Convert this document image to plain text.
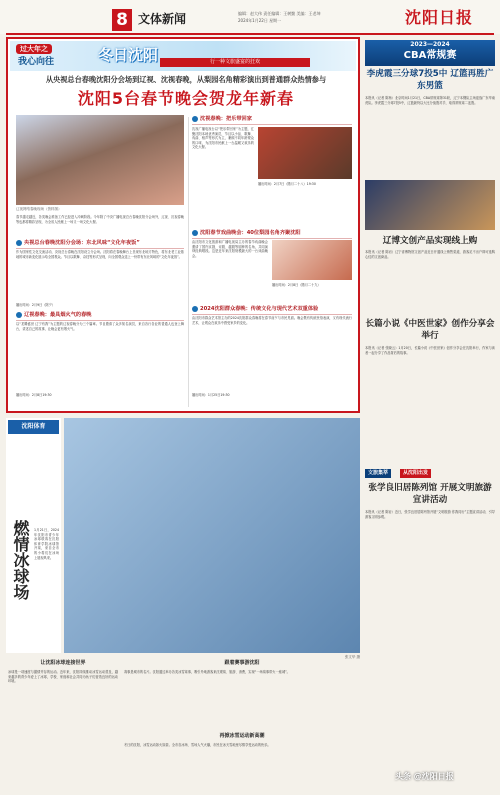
8 文体新闻	编辑：赵大伟 责任编辑：王树勤 美编：王老坤
2024年1月22日 星期一	沈阳日报
过大年之
我心向往	冬日沈阳	行一种文旅盛宴的狂欢
从央视总台春晚沈阳分会场到辽视、沈视春晚，从梨园名角精彩演出到普通群众热情参与
沈阳5台春节晚会贺龙年新春
辽视网络春晚现场（资料图）
春节越走越近，各类晚会准备工作已经进入冲刺阶段。今年除了中央广播电视总台春晚沈阳分会场外，辽视、沈视春晚等也都将精彩呈现，为全省人民献上一场又一场文化大餐。
央视总台春晚沈阳分会场：东北风味“文化年夜饭”
作为国家性文化交流活动，央视总台春晚在沈阳设立分会场。沈阳将在春晚舞台上呈现东北地方特色，将东北老工业基地的城市新变化展示给全国观众。节目以歌舞、杂技等形式呈现，向全国观众送上一份带有东北风味的“文化年夜饭”。
播出时间：2月9日（除夕）
辽视春晚：最具烟火气的春晚
以“龙腾盛世 辽宁有我”为主题的辽视春晚分为三个篇章。节目邀请了众多知名演员，来自各行各业的普通人也登上舞台，讲述自己的故事，让晚会更有烟火气。
播出时间：2月8日19:30
沈视春晚：把乐带回家
沈视广播电视台以“把乐带回家”为主题，汇聚沈阳本地优秀演员，节目以小品、歌舞、戏曲、相声等形式为主，兼顾不同年龄观众的口味，为沈阳市民献上一台温暖又欢乐的文化大餐。
播出时间：2月7日（腊月二十八）19:30
沈阳春节戏曲晚会：40位梨园名角齐聚沈阳
由沈阳市文化旅游和广播电视局主办的春节戏曲晚会邀请了国内京剧、评剧、越剧等剧种的名角，共同演绎经典唱段。这是近年来沈阳规模最大的一台戏曲晚会。
播出时间：2月8日（腊月二十九）
2024沈阳群众春晚：传统文化与现代艺术双重体验
由沈阳市群众艺术馆主办的2024沈阳群众春晚将在春节前夕与市民见面。晚会既有传统民俗表演，又有现代流行艺术，让观众在欢乐中感受家乡的变化。
播出时间：1月25日19:30
2023—2024
CBA常规赛
李虎霞三分球7投5中 辽篮再胜广东男篮
本报讯（记者 陈杨）北京时间1月21日，CBA常规赛第31轮，辽宁本钢队主场迎战广东华南虎队。李虎霞三分球7投5中，辽篮最终以大比分战胜对手，取得常规赛二连胜。
辽博文创产品实现线上购
本报讯（记者 陈岩）辽宁省博物馆文创产品近日开通线上销售渠道，游客足不出户即可选购心仪的文创商品。
长篇小说《中医世家》创作分享会举行
本报讯（记者 张晓云）1月20日，长篇小说《中医世家》创作分享会在沈阳举行，作家与读者一起分享了作品背后的故事。
文旅集萃	从沈阳出发
张学良旧居陈列馆 开展文明旅游宣讲活动
本报讯（记者 陈岩）近日，张学良旧居陈列馆开展“文明旅游 你我同行”主题宣讲活动，引导游客文明参观。
沈阳体育
1月21日，2024年沈阳市青少年冰球联赛在沈阳体育学院冰球馆开赛，来自全市的小将们在冰场上展现风采。
燃情冰球场
张文华 摄
让沈阳冰球连接世界
冰球是一项速度与激情并存的运动。近年来，沈阳持续推动冰雪运动普及，越来越多的青少年爱上了冰球，学校、家庭和社会共同为孩子们营造良好的运动环境。
跟着赛事游沈阳
赛事是城市的名片。沈阳通过举办各类冰雪赛事，吸引外地游客来沈观赛、旅游、消费，实现“一场赛事带火一座城”。
再掀冰雪运动新高潮
冬日的沈阳，冰雪运动如火如荼。全市各冰场、雪场人气火爆，市民在冰天雪地里尽情享受运动的快乐。
头条 @沈阳日报
